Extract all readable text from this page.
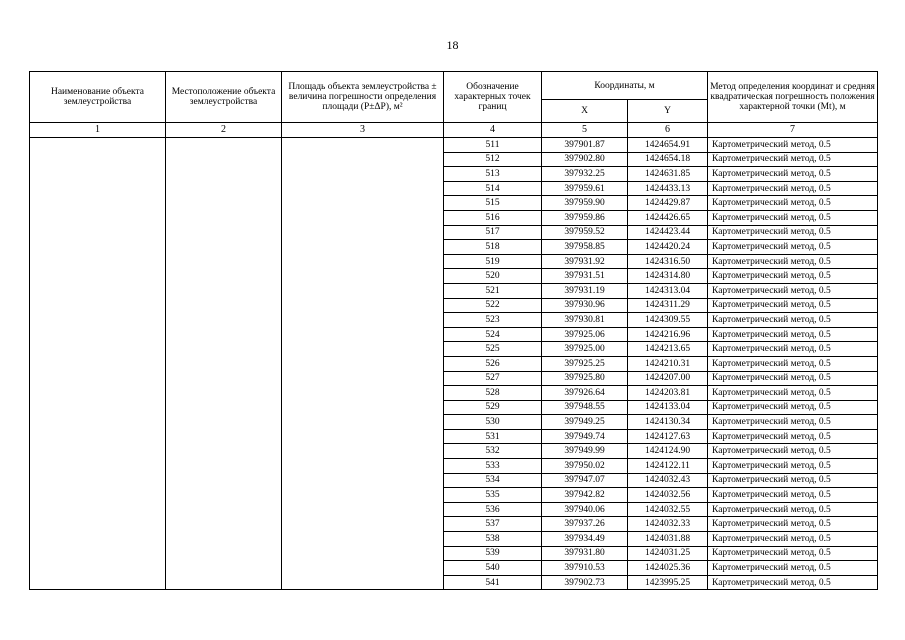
18
Наименование объекта землеустройства	Местоположение объекта землеустройства	Площадь объекта землеустройства ± величина погрешности определения площади (P±ΔP), м²	Обозначение характерных точек границ	Координаты, м		Метод определения координат и средняя квадратическая погрешность положения характерной точки (Mt), м
				X	Y	
1	2	3	4	5	6	7
			511	397901.87	1424654.91	Картометрический метод, 0.5
			512	397902.80	1424654.18	Картометрический метод, 0.5
			513	397932.25	1424631.85	Картометрический метод, 0.5
			514	397959.61	1424433.13	Картометрический метод, 0.5
			515	397959.90	1424429.87	Картометрический метод, 0.5
			516	397959.86	1424426.65	Картометрический метод, 0.5
			517	397959.52	1424423.44	Картометрический метод, 0.5
			518	397958.85	1424420.24	Картометрический метод, 0.5
			519	397931.92	1424316.50	Картометрический метод, 0.5
			520	397931.51	1424314.80	Картометрический метод, 0.5
			521	397931.19	1424313.04	Картометрический метод, 0.5
			522	397930.96	1424311.29	Картометрический метод, 0.5
			523	397930.81	1424309.55	Картометрический метод, 0.5
			524	397925.06	1424216.96	Картометрический метод, 0.5
			525	397925.00	1424213.65	Картометрический метод, 0.5
			526	397925.25	1424210.31	Картометрический метод, 0.5
			527	397925.80	1424207.00	Картометрический метод, 0.5
			528	397926.64	1424203.81	Картометрический метод, 0.5
			529	397948.55	1424133.04	Картометрический метод, 0.5
			530	397949.25	1424130.34	Картометрический метод, 0.5
			531	397949.74	1424127.63	Картометрический метод, 0.5
			532	397949.99	1424124.90	Картометрический метод, 0.5
			533	397950.02	1424122.11	Картометрический метод, 0.5
			534	397947.07	1424032.43	Картометрический метод, 0.5
			535	397942.82	1424032.56	Картометрический метод, 0.5
			536	397940.06	1424032.55	Картометрический метод, 0.5
			537	397937.26	1424032.33	Картометрический метод, 0.5
			538	397934.49	1424031.88	Картометрический метод, 0.5
			539	397931.80	1424031.25	Картометрический метод, 0.5
			540	397910.53	1424025.36	Картометрический метод, 0.5
			541	397902.73	1423995.25	Картометрический метод, 0.5
